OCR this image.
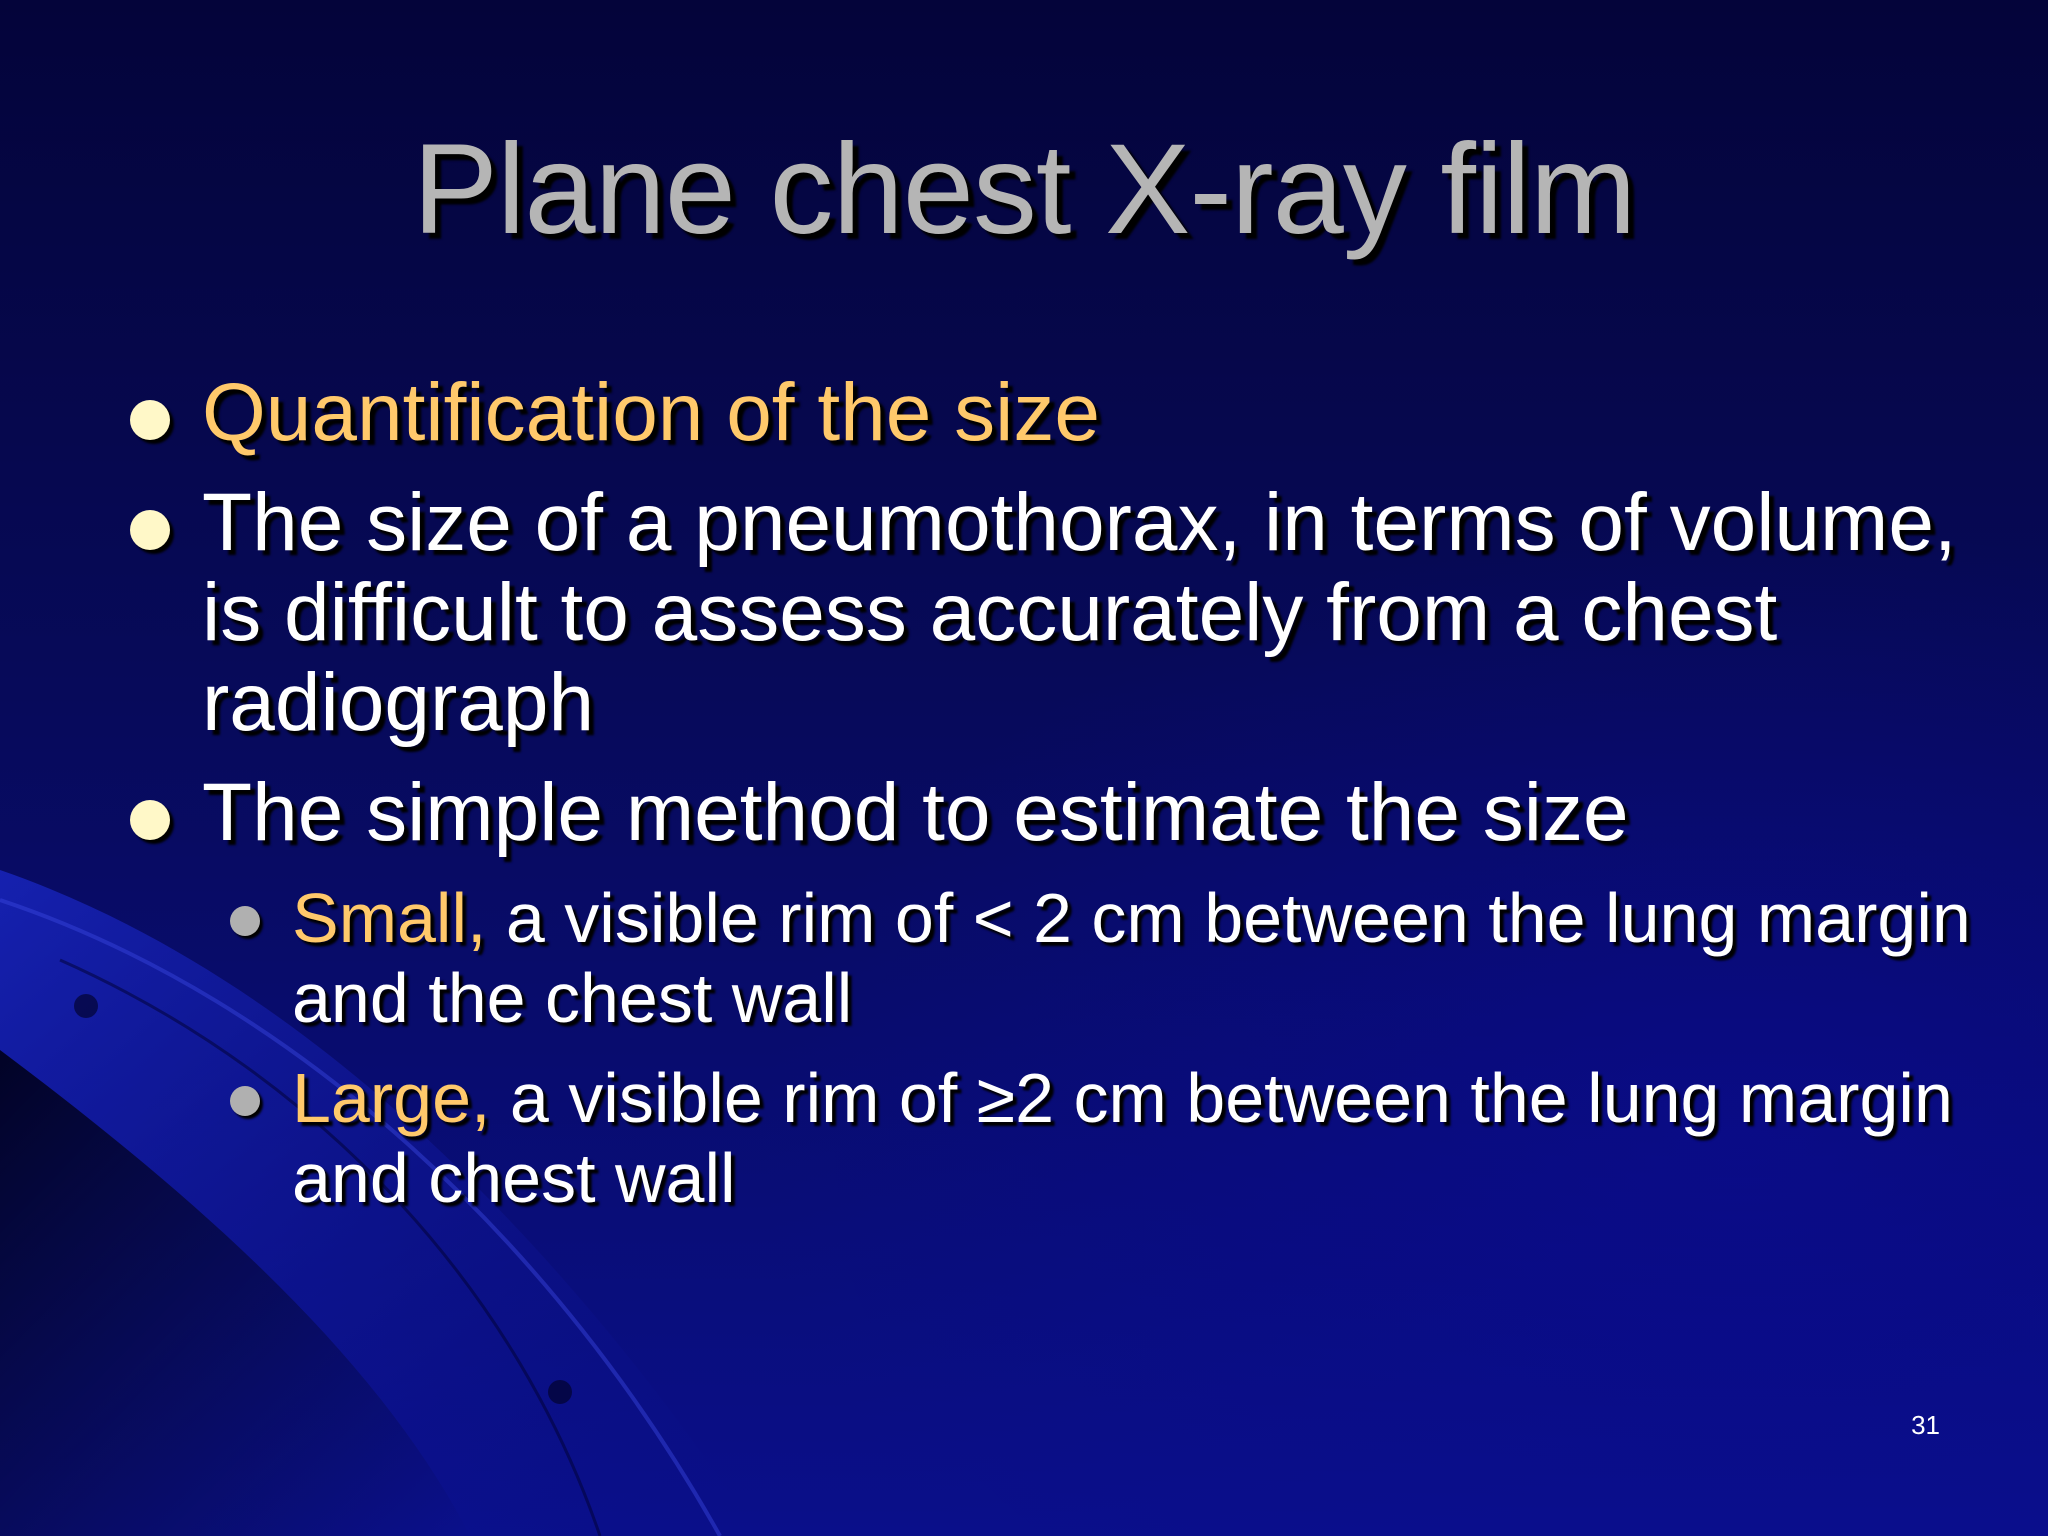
Plane chest X-ray film
Quantification of the size
The size of a pneumothorax, in terms of volume, is difficult to assess accurately from a chest radiograph
The simple method to estimate the size
Small, a visible rim of < 2 cm between the lung margin and the chest wall
Large, a visible rim of ≥2 cm between the lung margin and chest wall
31
